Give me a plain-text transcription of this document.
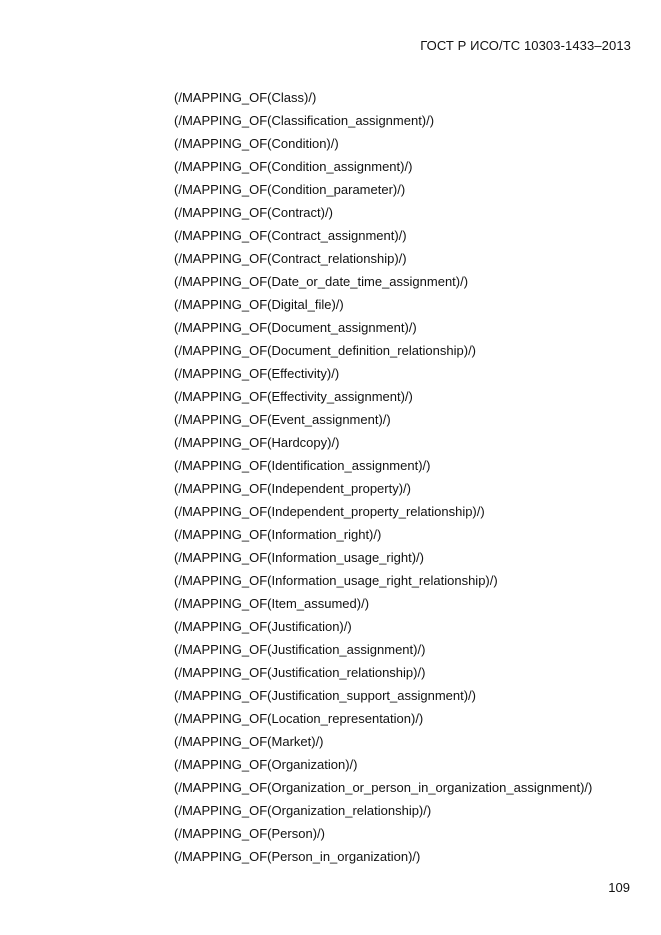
ГОСТ Р ИСО/ТС 10303-1433–2013
(/MAPPING_OF(Class)/)
(/MAPPING_OF(Classification_assignment)/)
(/MAPPING_OF(Condition)/)
(/MAPPING_OF(Condition_assignment)/)
(/MAPPING_OF(Condition_parameter)/)
(/MAPPING_OF(Contract)/)
(/MAPPING_OF(Contract_assignment)/)
(/MAPPING_OF(Contract_relationship)/)
(/MAPPING_OF(Date_or_date_time_assignment)/)
(/MAPPING_OF(Digital_file)/)
(/MAPPING_OF(Document_assignment)/)
(/MAPPING_OF(Document_definition_relationship)/)
(/MAPPING_OF(Effectivity)/)
(/MAPPING_OF(Effectivity_assignment)/)
(/MAPPING_OF(Event_assignment)/)
(/MAPPING_OF(Hardcopy)/)
(/MAPPING_OF(Identification_assignment)/)
(/MAPPING_OF(Independent_property)/)
(/MAPPING_OF(Independent_property_relationship)/)
(/MAPPING_OF(Information_right)/)
(/MAPPING_OF(Information_usage_right)/)
(/MAPPING_OF(Information_usage_right_relationship)/)
(/MAPPING_OF(Item_assumed)/)
(/MAPPING_OF(Justification)/)
(/MAPPING_OF(Justification_assignment)/)
(/MAPPING_OF(Justification_relationship)/)
(/MAPPING_OF(Justification_support_assignment)/)
(/MAPPING_OF(Location_representation)/)
(/MAPPING_OF(Market)/)
(/MAPPING_OF(Organization)/)
(/MAPPING_OF(Organization_or_person_in_organization_assignment)/)
(/MAPPING_OF(Organization_relationship)/)
(/MAPPING_OF(Person)/)
(/MAPPING_OF(Person_in_organization)/)
109
